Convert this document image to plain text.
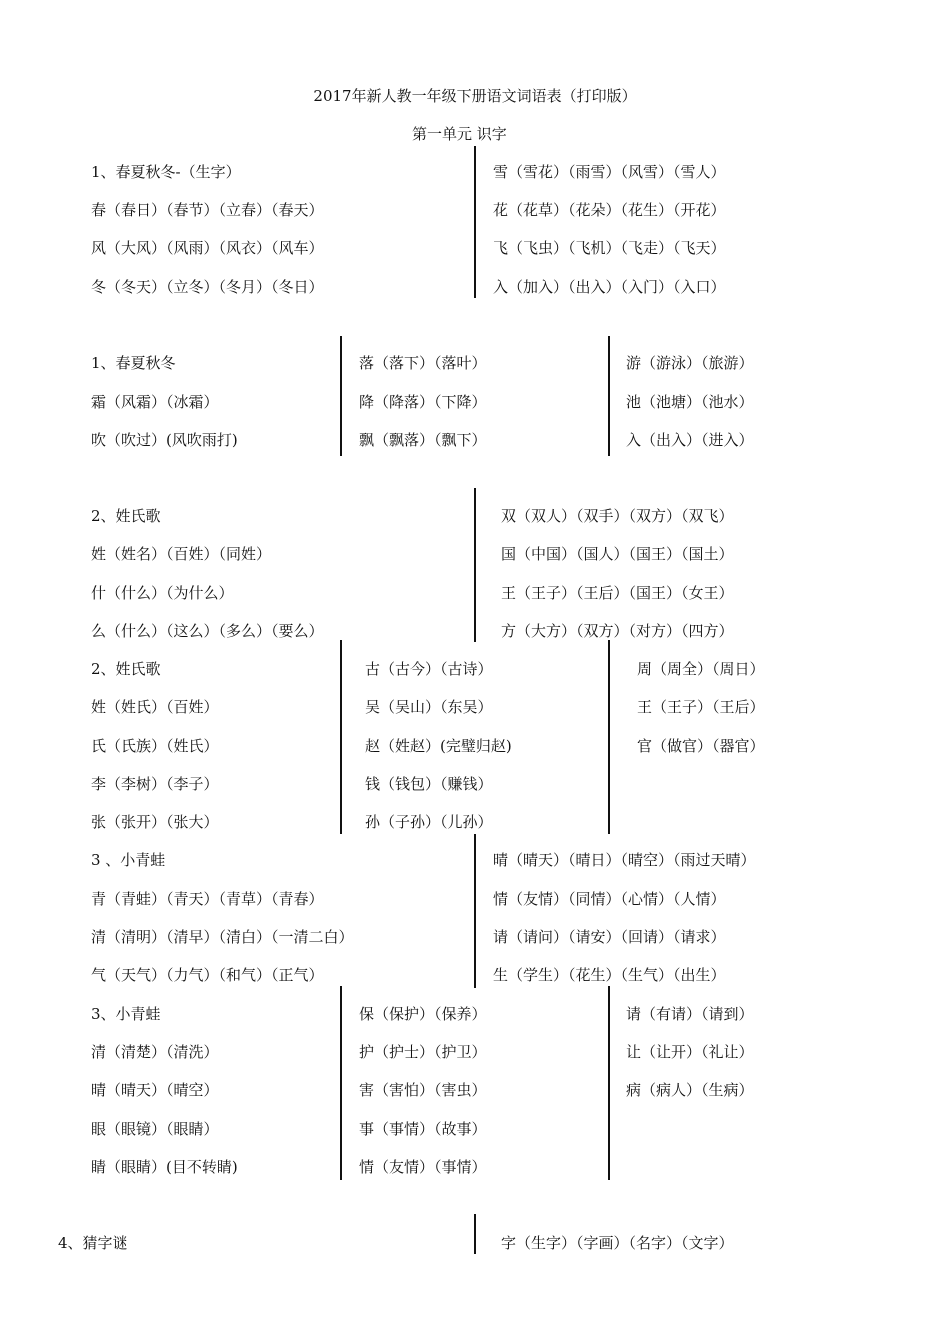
2017年新人教一年级下册语文词语表（打印版）
第一单元 识字
1、春夏秋冬-（生字）
春（春日）（春节）（立春）（春天）
风（大风）（风雨）（风衣）（风车）
冬（冬天）（立冬）（冬月）（冬日）
雪（雪花）（雨雪）（风雪）（雪人）
花（花草）（花朵）（花生）（开花）
飞（飞虫）（飞机）（飞走）（飞天）
入（加入）（出入）（入门）（入口）
1、春夏秋冬
霜（风霜）（冰霜）
吹（吹过）(风吹雨打)
落（落下）（落叶）
降（降落）（下降）
飘（飘落）（飘下）
游（游泳）（旅游）
池（池塘）（池水）
入（出入）（进入）
2、姓氏歌
姓（姓名）（百姓）（同姓）
什（什么）（为什么）
么（什么）（这么）（多么）（要么）
双（双人）（双手）（双方）（双飞）
国（中国）（国人）（国王）（国土）
王（王子）（王后）（国王）（女王）
方（大方）（双方）（对方）（四方）
2、姓氏歌
姓（姓氏）（百姓）
氏（氏族）（姓氏）
李（李树）（李子）
张（张开）（张大）
古（古今）（古诗）
吴（吴山）（东吴）
赵（姓赵）(完璧归赵)
钱（钱包）（赚钱）
孙（子孙）（儿孙）
周（周全）（周日）
王（王子）（王后）
官（做官）（器官）
3 、小青蛙
青（青蛙）（青天）（青草）（青春）
清（清明）（清早）（清白）（一清二白）
气（天气）（力气）（和气）（正气）
晴（晴天）（晴日）（晴空）（雨过天晴）
情（友情）（同情）（心情）（人情）
请（请问）（请安）（回请）（请求）
生（学生）（花生）（生气）（出生）
3、小青蛙
清（清楚）（清洗）
晴（晴天）（晴空）
眼（眼镜）（眼睛）
睛（眼睛）(目不转睛)
保（保护）（保养）
护（护士）（护卫）
害（害怕）（害虫）
事（事情）（故事）
情（友情）（事情）
请（有请）（请到）
让（让开）（礼让）
病（病人）（生病）
4、猜字谜	字（生字）（字画）（名字）（文字）
